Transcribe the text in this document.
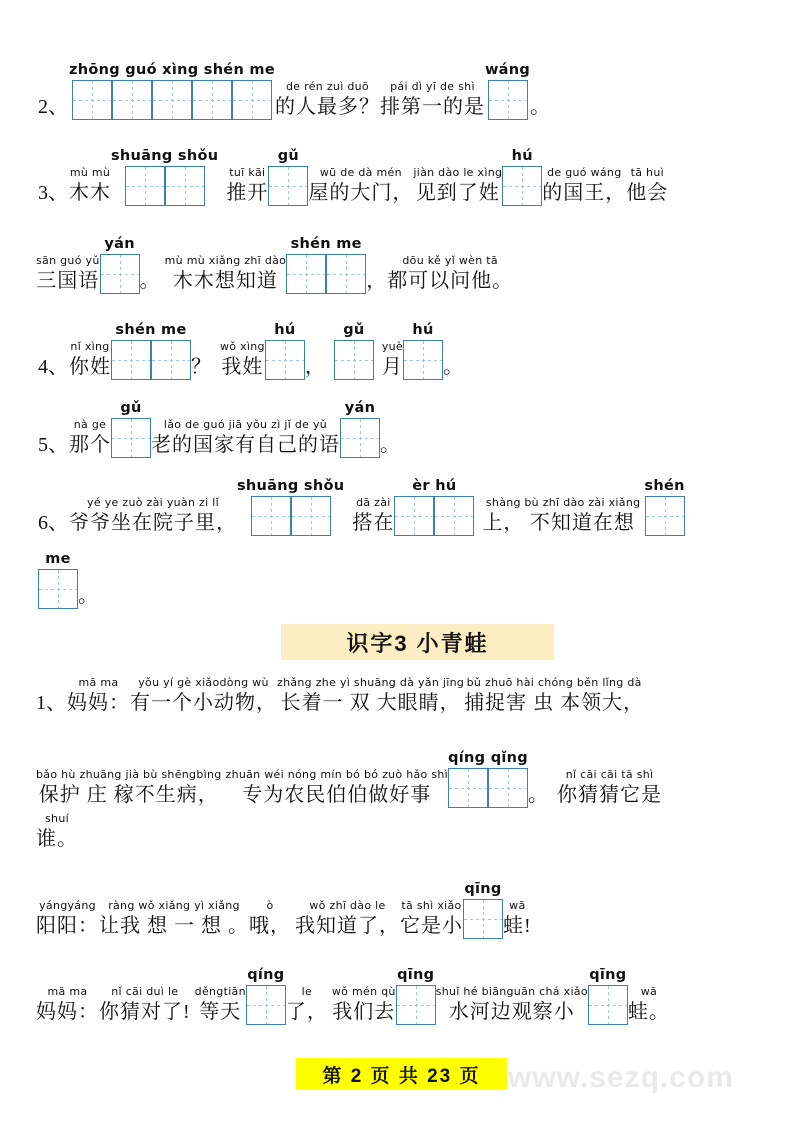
2、
zhōng guó xìng shén me
de rén zuì duō
的人最多？
pái dì yī de shì
排第一的是
wáng
。
3、
mù mù
木木
shuāng shǒu
tuī kāi
推开
gǔ
wū de dà mén
屋的大门，
jiàn dào le xìng
见到了姓
hú
de guó wáng
的国王，
tā huì
他会
sān guó yǔ
三国语
yán
。
mù mù xiǎng zhī dào
木木想知道
shén me
，
dōu kě yǐ wèn tā
都可以问他。
4、
nǐ xìng
你姓
shén me
？
wǒ xìng
我姓
hú
，
gǔ
yuè
月
hú
。
5、
nà ge
那个
gǔ
lǎo de guó jiā yǒu zì jǐ de yǔ
老的国家有自己的语
yán
。
6、
yé ye zuò zài yuàn zi lǐ
爷爷坐在院子里，
shuāng shǒu
dā zài
搭在
èr hú
shàng
上，
bù zhī dào zài xiǎng
不知道在想
shén
me
。
识字3 小青蛙
1、
mā ma
妈妈：
yǒu yí gè xiǎodòng wù
有一个小动物，
zhǎng zhe yì shuāng dà yǎn jīng
长着一 双 大眼睛，
bǔ zhuō hài chóng běn lǐng dà
捕捉害 虫 本领大，
bǎo hù zhuāng jià bù shēngbìng
保护 庄 稼不生病，
zhuān wéi nóng mín bó bó zuò hǎo shì
专为农民伯伯做好事
qíng qǐng
。
nǐ cāi cāi tā shì
你猜猜它是
shuí
谁。
yángyáng
阳阳：
ràng wǒ xiǎng yì xiǎng
让我 想 一 想 。
ò
哦，
wǒ zhī dào le
我知道了，
tā shì xiǎo
它是小
qīng
wā
蛙!
mā ma
妈妈：
nǐ cāi duì le
你猜对了!
děngtiān
等天
qíng
le
了，
wǒ mén qù
我们去
qīng
shuǐ hé biānguān chá xiǎo
水河边观察小
qīng
wā
蛙。
第 2 页 共 23 页 www.sezq.com
